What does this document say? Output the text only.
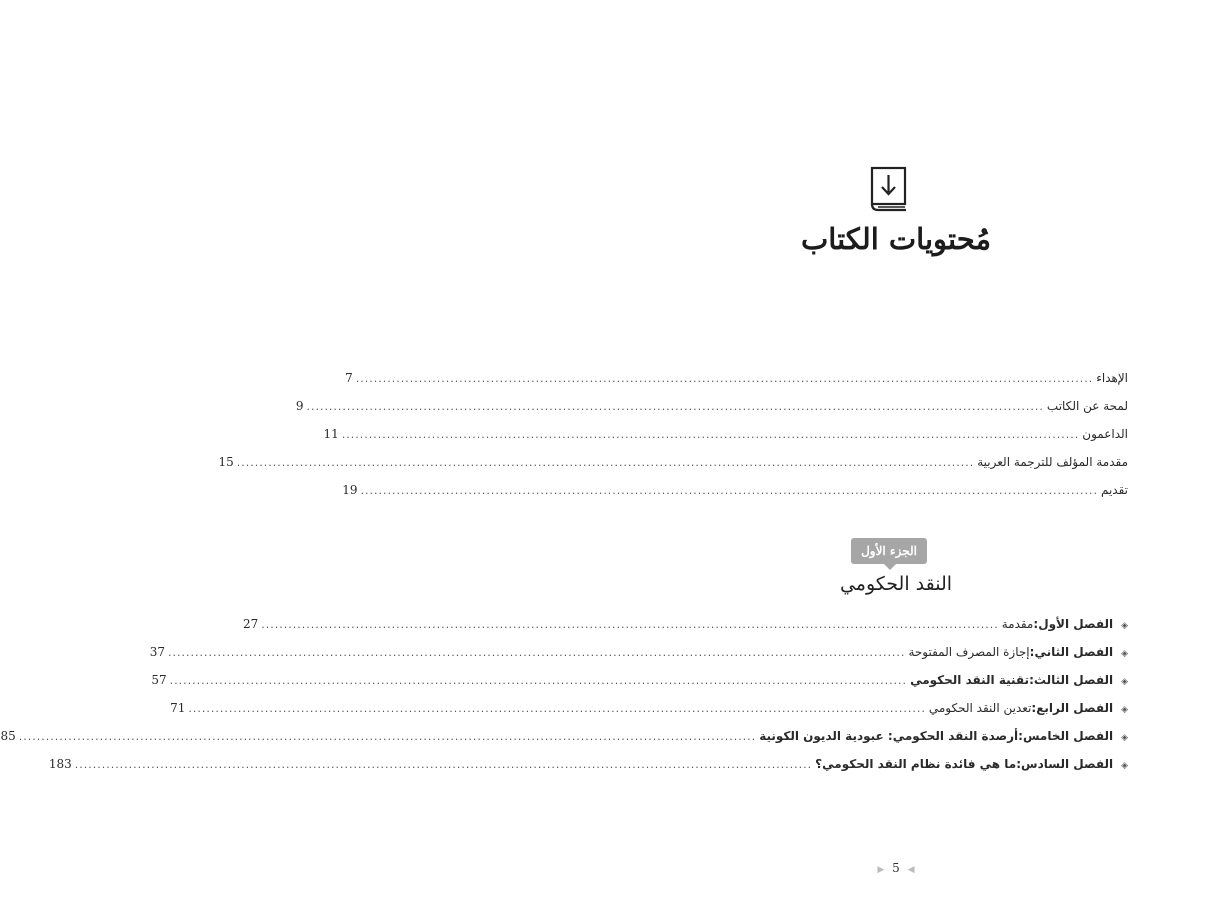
مُحتويات الكتاب
الإهداء
....................................................................................................................................................................
7
لمحة عن الكاتب
....................................................................................................................................................................
9
الداعمون
....................................................................................................................................................................
11
مقدمة المؤلف للترجمة العربية
....................................................................................................................................................................
15
تقديم
....................................................................................................................................................................
19
الجزء الأول
النقد الحكومي
◈
الفصل الأول :
مقدمة
....................................................................................................................................................................
27
◈
الفصل الثاني :
إجازة المصرف المفتوحة
....................................................................................................................................................................
37
◈
الفصل الثالث :
تقنية النقد الحكومي
....................................................................................................................................................................
57
◈
الفصل الرابع :
تعدين النقد الحكومي
....................................................................................................................................................................
71
◈
الفصل الخامس :
أرصدة النقد الحكومي: عبودية الديون الكونية
....................................................................................................................................................................
85
◈
الفصل السادس :
ما هي فائدة نظام النقد الحكومي؟
....................................................................................................................................................................
183
◀ 5 ▶
